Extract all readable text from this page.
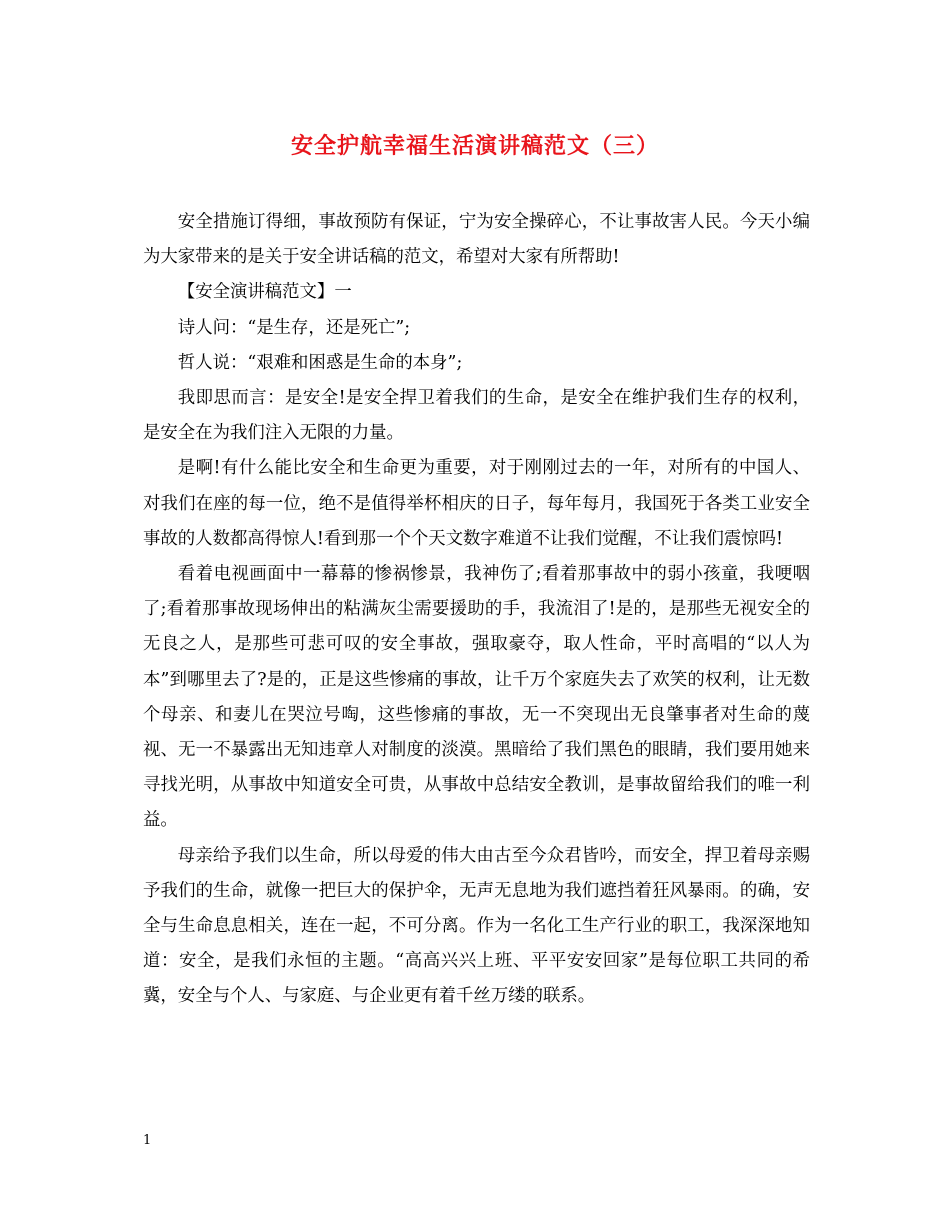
安全护航幸福生活演讲稿范文（三）

安全措施订得细，事故预防有保证，宁为安全操碎心，不让事故害人民。今天小编为大家带来的是关于安全讲话稿的范文，希望对大家有所帮助!

【安全演讲稿范文】一

诗人问：“是生存，还是死亡”;

哲人说：“艰难和困惑是生命的本身”;

我即思而言：是安全!是安全捍卫着我们的生命，是安全在维护我们生存的权利，是安全在为我们注入无限的力量。

是啊!有什么能比安全和生命更为重要，对于刚刚过去的一年，对所有的中国人、对我们在座的每一位，绝不是值得举杯相庆的日子，每年每月，我国死于各类工业安全事故的人数都高得惊人!看到那一个个天文数字难道不让我们觉醒，不让我们震惊吗!

看着电视画面中一幕幕的惨祸惨景，我神伤了;看着那事故中的弱小孩童，我哽咽了;看着那事故现场伸出的粘满灰尘需要援助的手，我流泪了!是的，是那些无视安全的无良之人，是那些可悲可叹的安全事故，强取豪夺，取人性命，平时高唱的“以人为本”到哪里去了?是的，正是这些惨痛的事故，让千万个家庭失去了欢笑的权利，让无数个母亲、和妻儿在哭泣号啕，这些惨痛的事故，无一不突现出无良肇事者对生命的蔑视、无一不暴露出无知违章人对制度的淡漠。黑暗给了我们黑色的眼睛，我们要用她来寻找光明，从事故中知道安全可贵，从事故中总结安全教训，是事故留给我们的唯一利益。

母亲给予我们以生命，所以母爱的伟大由古至今众君皆吟，而安全，捍卫着母亲赐予我们的生命，就像一把巨大的保护伞，无声无息地为我们遮挡着狂风暴雨。的确，安全与生命息息相关，连在一起，不可分离。作为一名化工生产行业的职工，我深深地知道：安全，是我们永恒的主题。“高高兴兴上班、平平安安回家”是每位职工共同的希冀，安全与个人、与家庭、与企业更有着千丝万缕的联系。

1
